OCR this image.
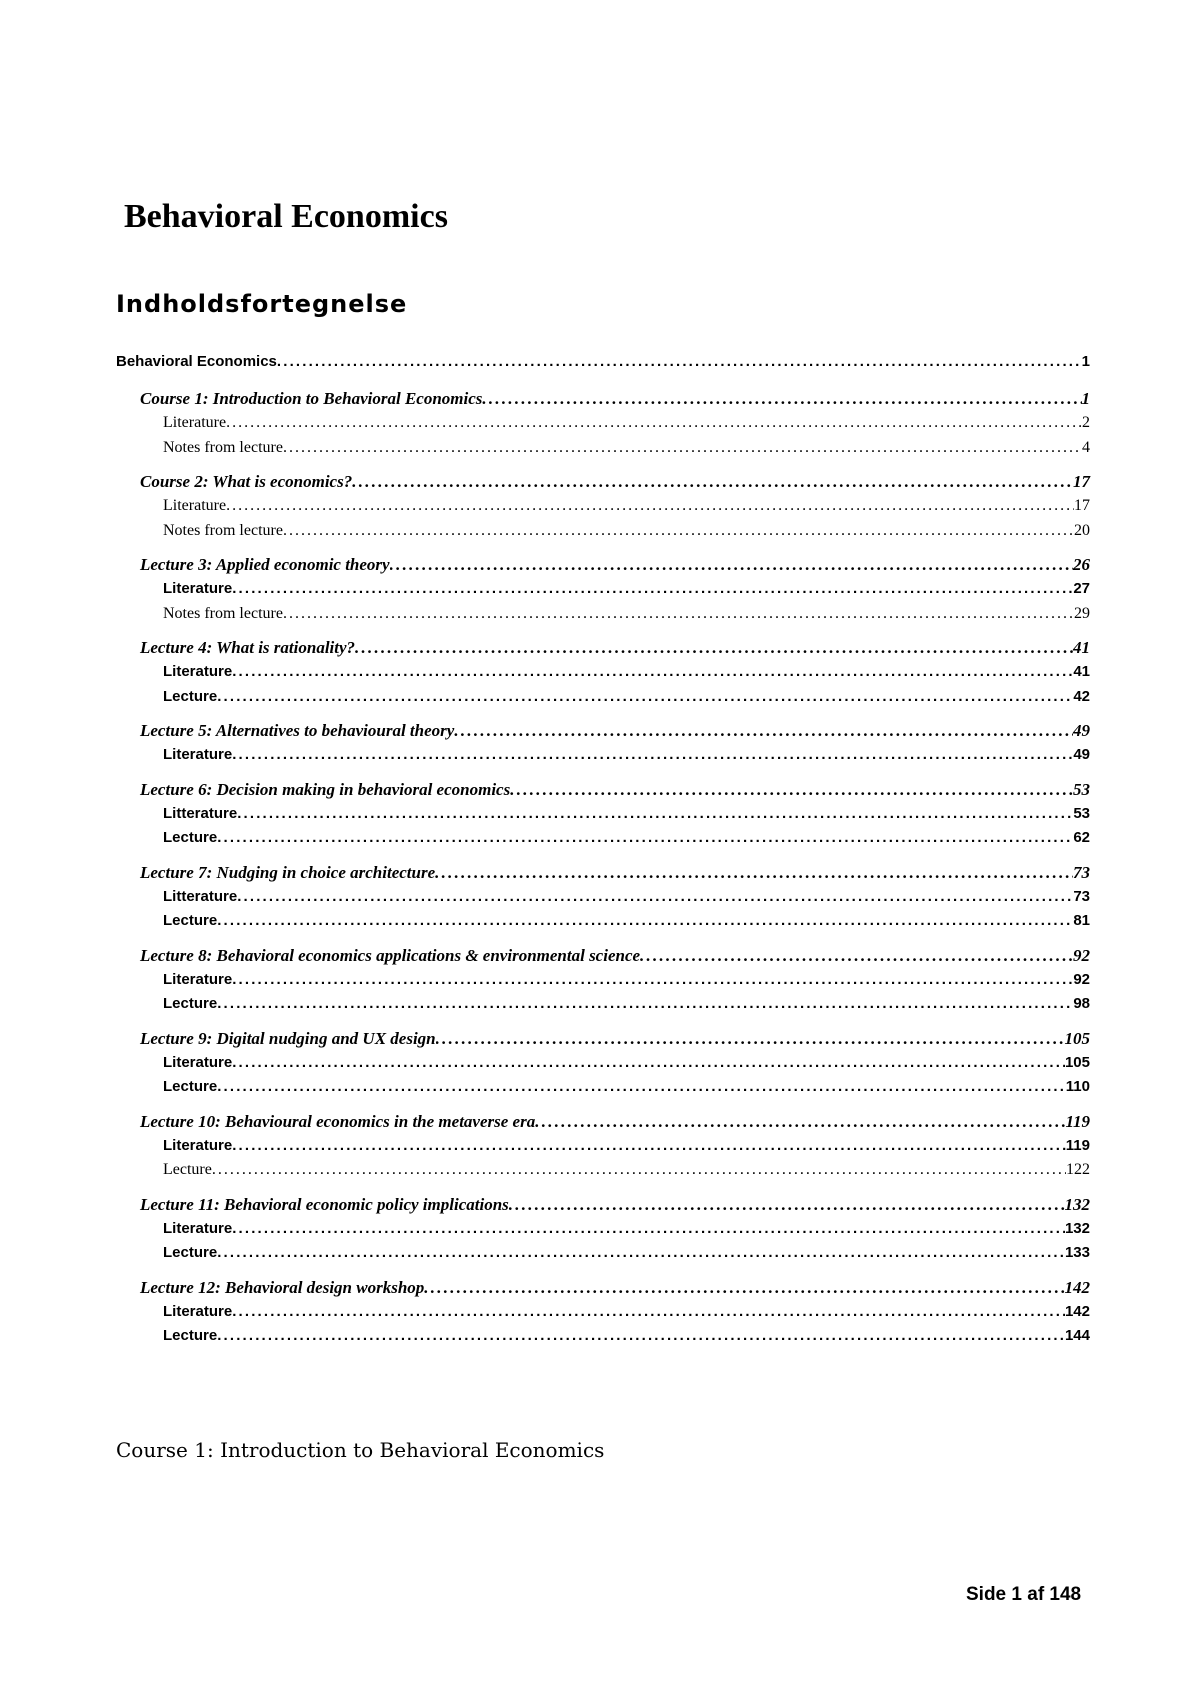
Behavioral Economics
Indholdsfortegnelse
Behavioral Economics . . .	1
Course 1: Introduction to Behavioral Economics . . .	1
Literature . . .	2
Notes from lecture . . .	4
Course 2: What is economics? . . .	17
Literature . . .	17
Notes from lecture . . .	20
Lecture 3: Applied economic theory . . .	26
Literature . . .	27
Notes from lecture . . .	29
Lecture 4: What is rationality? . . .	41
Literature . . .	41
Lecture . . .	42
Lecture 5: Alternatives to behavioural theory . . .	49
Literature . . .	49
Lecture 6: Decision making in behavioral economics . . .	53
Litterature . . .	53
Lecture . . .	62
Lecture 7: Nudging in choice architecture . . .	73
Litterature . . .	73
Lecture . . .	81
Lecture 8: Behavioral economics applications & environmental science . . .	92
Literature . . .	92
Lecture . . .	98
Lecture 9: Digital nudging and UX design . . .	105
Literature . . .	105
Lecture . . .	110
Lecture 10: Behavioural economics in the metaverse era . . .	119
Literature . . .	119
Lecture . . .	122
Lecture 11: Behavioral economic policy implications . . .	132
Literature . . .	132
Lecture . . .	133
Lecture 12: Behavioral design workshop . . .	142
Literature . . .	142
Lecture . . .	144
Course 1: Introduction to Behavioral Economics
Side 1 af 148
